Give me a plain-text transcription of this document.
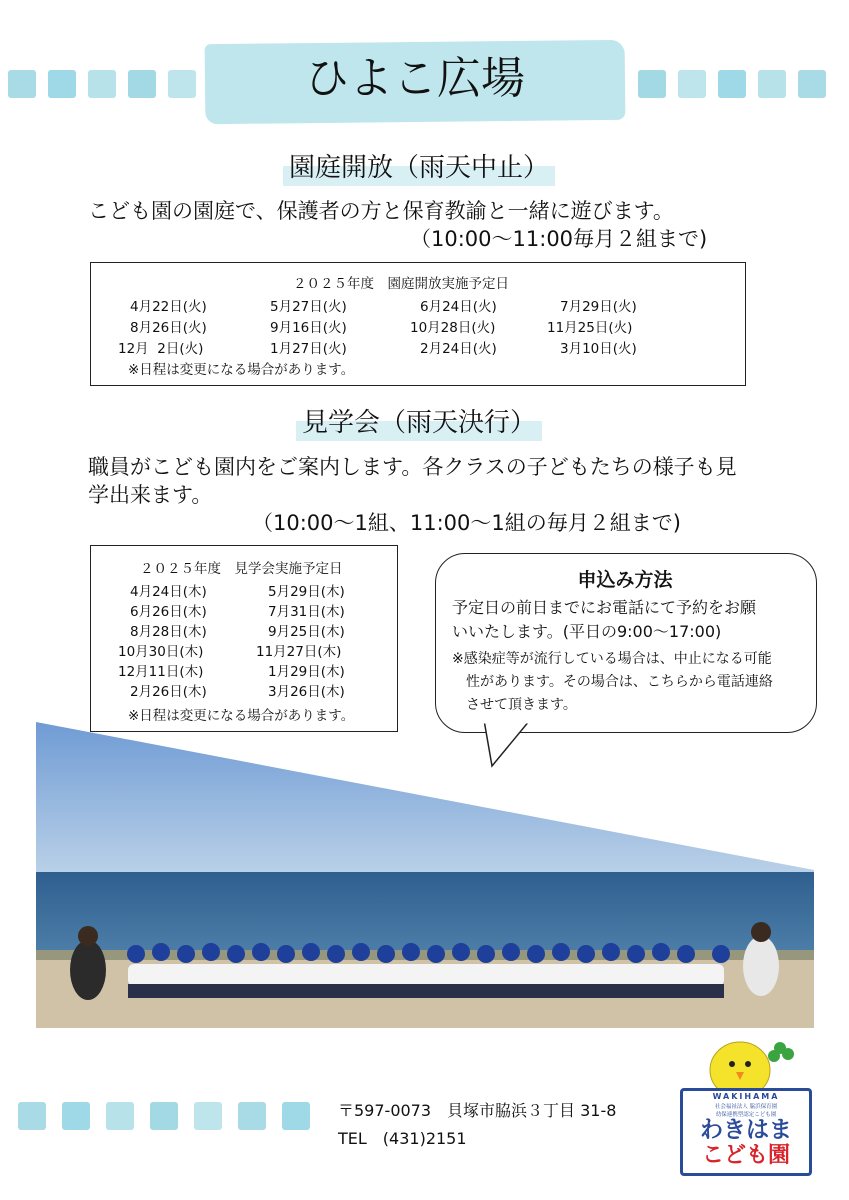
ひよこ広場
園庭開放（雨天中止）
こども園の園庭で、保護者の方と保育教諭と一緒に遊びます。
（10:00～11:00毎月２組まで)
２０２５年度　園庭開放実施予定日
4月22日(火)	5月27日(火)	6月24日(火)	7月29日(火)
8月26日(火)	9月16日(火)	10月28日(火)	11月25日(火)
12月  2日(火)	1月27日(火)	2月24日(火)	3月10日(火)
※日程は変更になる場合があります。
見学会（雨天決行）
職員がこども園内をご案内します。各クラスの子どもたちの様子も見
学出来ます。
（10:00～1組、11:00～1組の毎月２組まで)
２０２５年度　見学会実施予定日
4月24日(木)	5月29日(木)
6月26日(木)	7月31日(木)
8月28日(木)	9月25日(木)
10月30日(木)	11月27日(木)
12月11日(木)	1月29日(木)
2月26日(木)	3月26日(木)
※日程は変更になる場合があります。
申込み方法
予定日の前日までにお電話にて予約をお願
いいたします。(平日の9:00～17:00)
※感染症等が流行している場合は、中止になる可能
性があります。その場合は、こちらから電話連絡
させて頂きます。
〒597-0073　貝塚市脇浜３丁目 31-8
TEL　(431)2151
WAKIHAMA
社会福祉法人 脇浜保育園
幼保連携型認定こども園
わきはま
こども園
